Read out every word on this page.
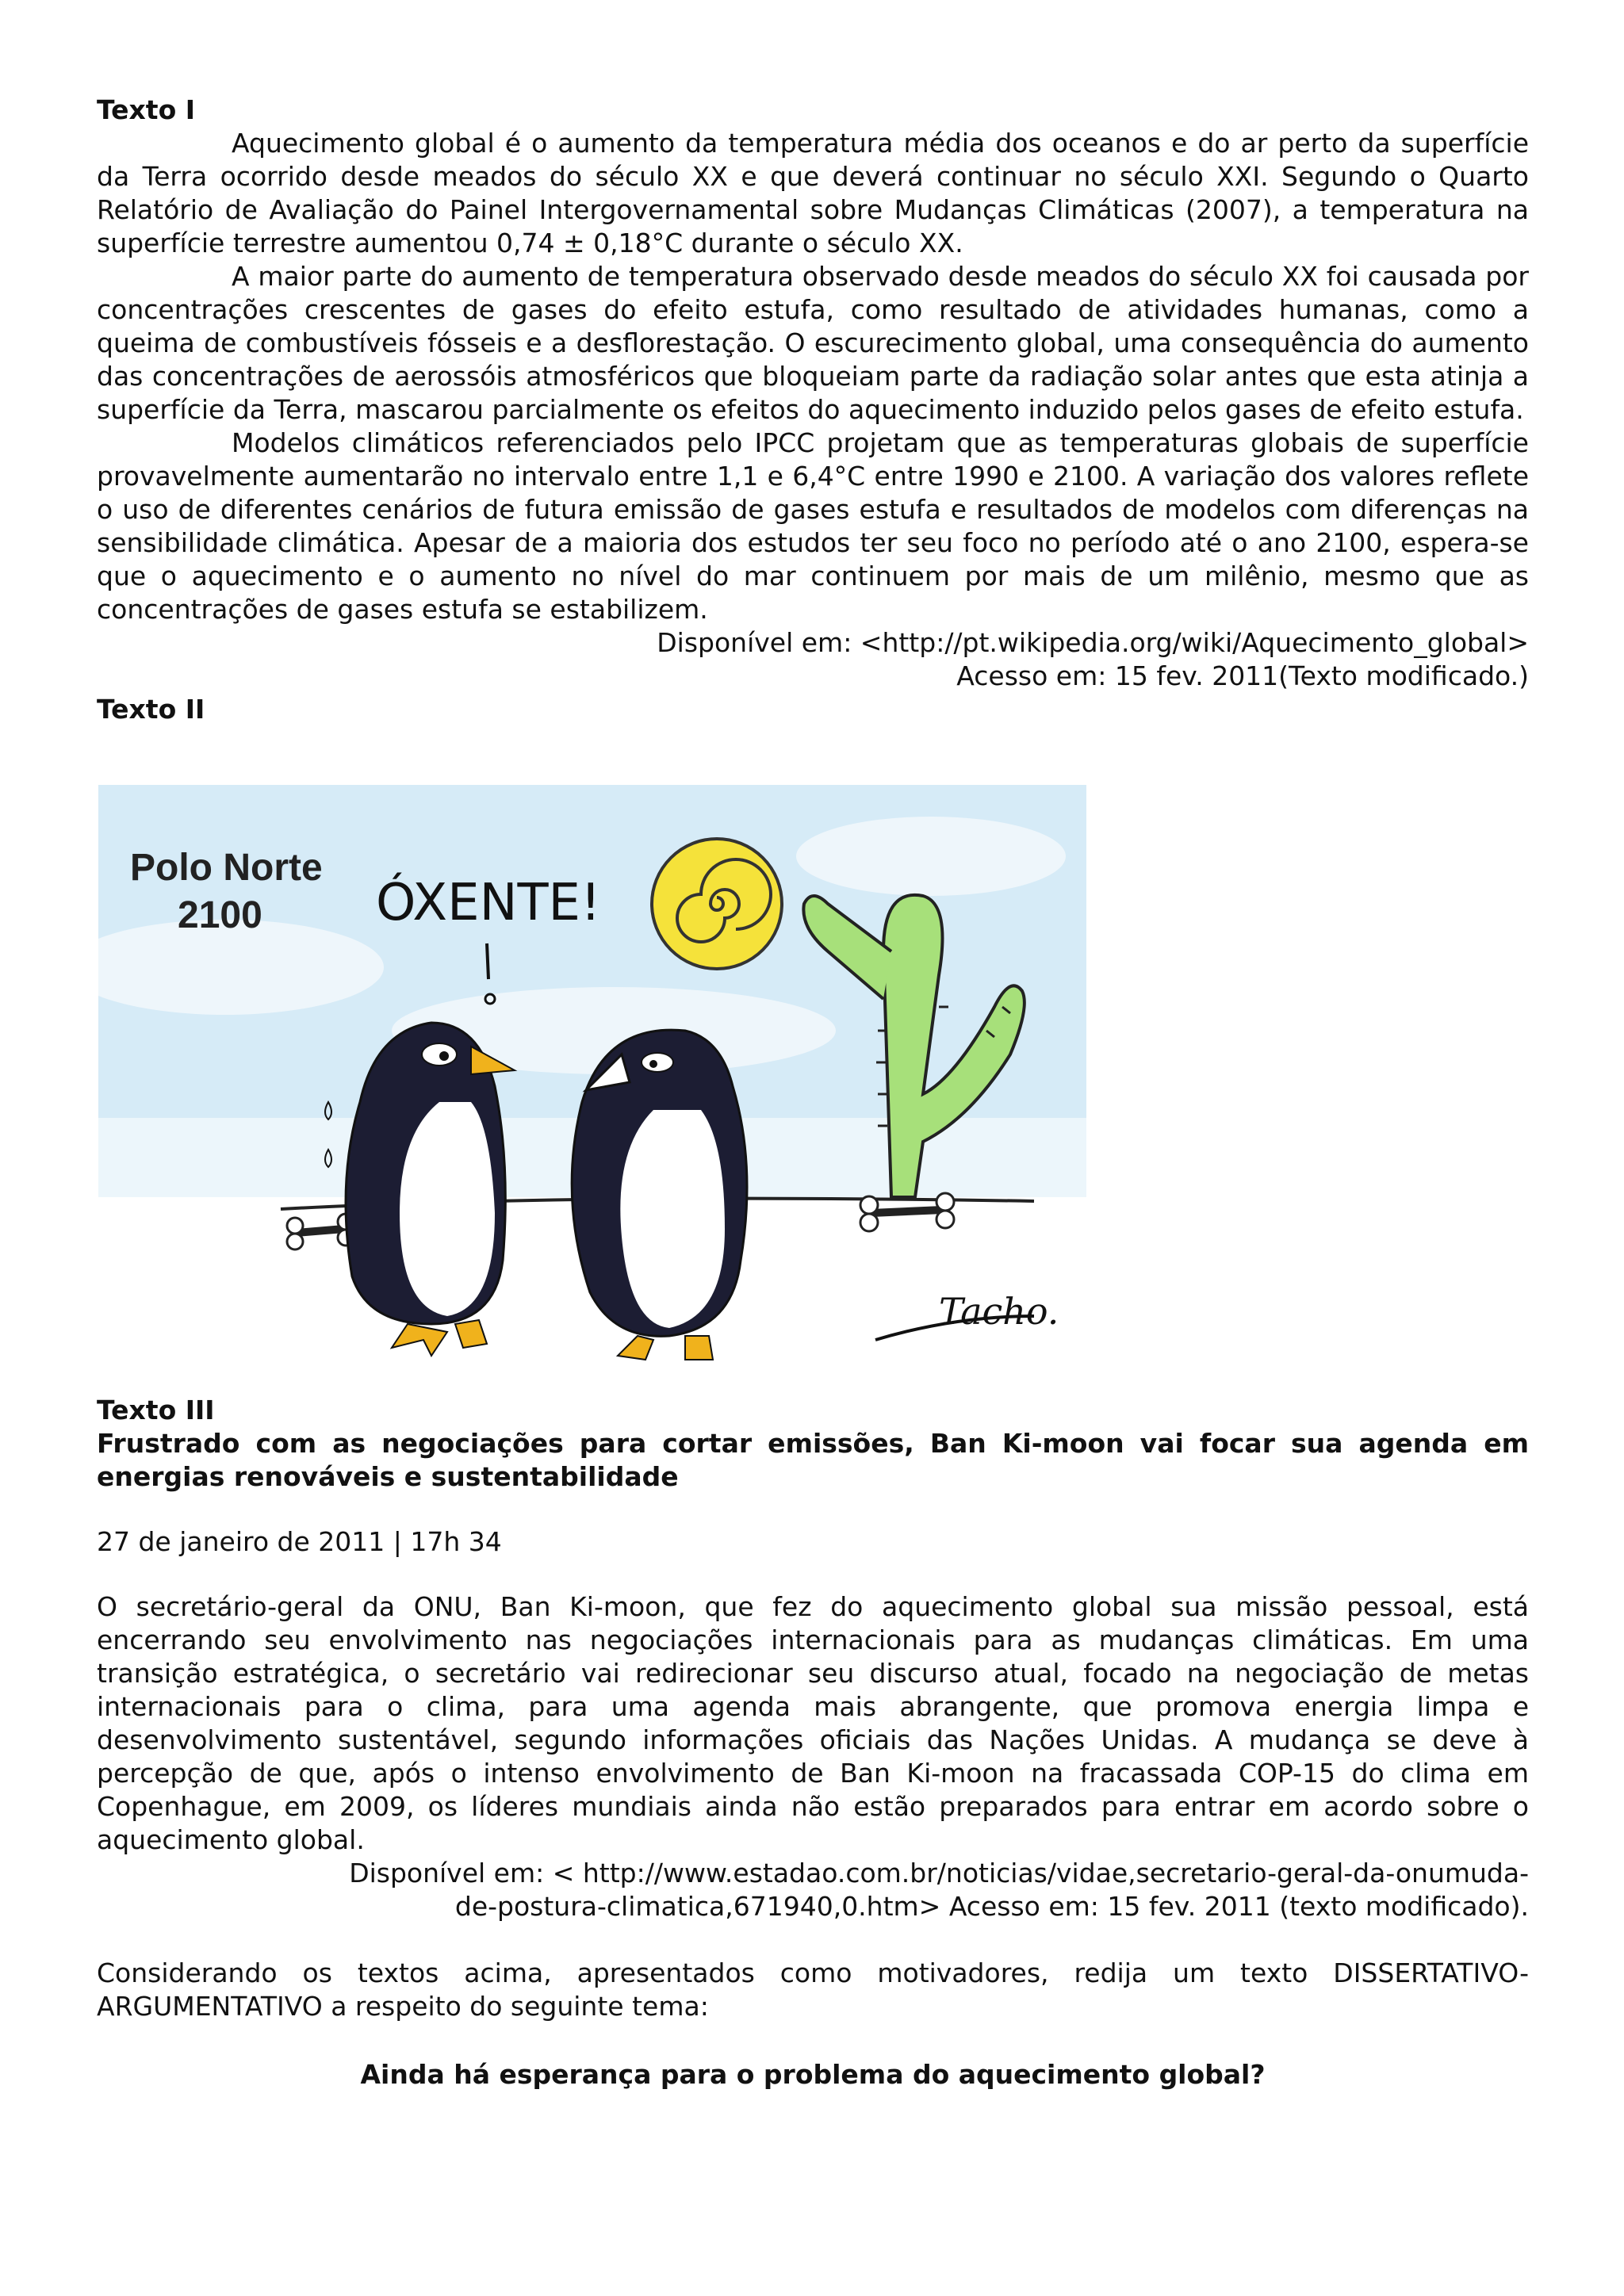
Texto I

Aquecimento global é o aumento da temperatura média dos oceanos e do ar perto da superfície da Terra ocorrido desde meados do século XX e que deverá continuar no século XXI. Segundo o Quarto Relatório de Avaliação do Painel Intergovernamental sobre Mudanças Climáticas (2007), a temperatura na superfície terrestre aumentou 0,74 ± 0,18°C durante o século XX.

A maior parte do aumento de temperatura observado desde meados do século XX foi causada por concentrações crescentes de gases do efeito estufa, como resultado de atividades humanas, como a queima de combustíveis fósseis e a desflorestação. O escurecimento global, uma consequência do aumento das concentrações de aerossóis atmosféricos que bloqueiam parte da radiação solar antes que esta atinja a superfície da Terra, mascarou parcialmente os efeitos do aquecimento induzido pelos gases de efeito estufa.

Modelos climáticos referenciados pelo IPCC projetam que as temperaturas globais de superfície provavelmente aumentarão no intervalo entre 1,1 e 6,4°C entre 1990 e 2100. A variação dos valores reflete o uso de diferentes cenários de futura emissão de gases estufa e resultados de modelos com diferenças na sensibilidade climática. Apesar de a maioria dos estudos ter seu foco no período até o ano 2100, espera-se que o aquecimento e o aumento no nível do mar continuem por mais de um milênio, mesmo que as concentrações de gases estufa se estabilizem.

Disponível em: <http://pt.wikipedia.org/wiki/Aquecimento_global>
Acesso em: 15 fev. 2011(Texto modificado.)
Texto II
Polo Norte
2100 ÓXENTE!
Tacho.
Texto III
Frustrado com as negociações para cortar emissões, Ban Ki-moon vai focar sua agenda em energias renováveis e sustentabilidade
27 de janeiro de 2011 | 17h 34

O secretário-geral da ONU, Ban Ki-moon, que fez do aquecimento global sua missão pessoal, está encerrando seu envolvimento nas negociações internacionais para as mudanças climáticas. Em uma transição estratégica, o secretário vai redirecionar seu discurso atual, focado na negociação de metas internacionais para o clima, para uma agenda mais abrangente, que promova energia limpa e desenvolvimento sustentável, segundo informações oficiais das Nações Unidas. A mudança se deve à percepção de que, após o intenso envolvimento de Ban Ki-moon na fracassada COP-15 do clima em Copenhague, em 2009, os líderes mundiais ainda não estão preparados para entrar em acordo sobre o aquecimento global.

Disponível em: < http://www.estadao.com.br/noticias/vidae,secretario-geral-da-onumuda-
de-postura-climatica,671940,0.htm> Acesso em: 15 fev. 2011 (texto modificado).

Considerando os textos acima, apresentados como motivadores, redija um texto DISSERTATIVO-ARGUMENTATIVO a respeito do seguinte tema:

Ainda há esperança para o problema do aquecimento global?
